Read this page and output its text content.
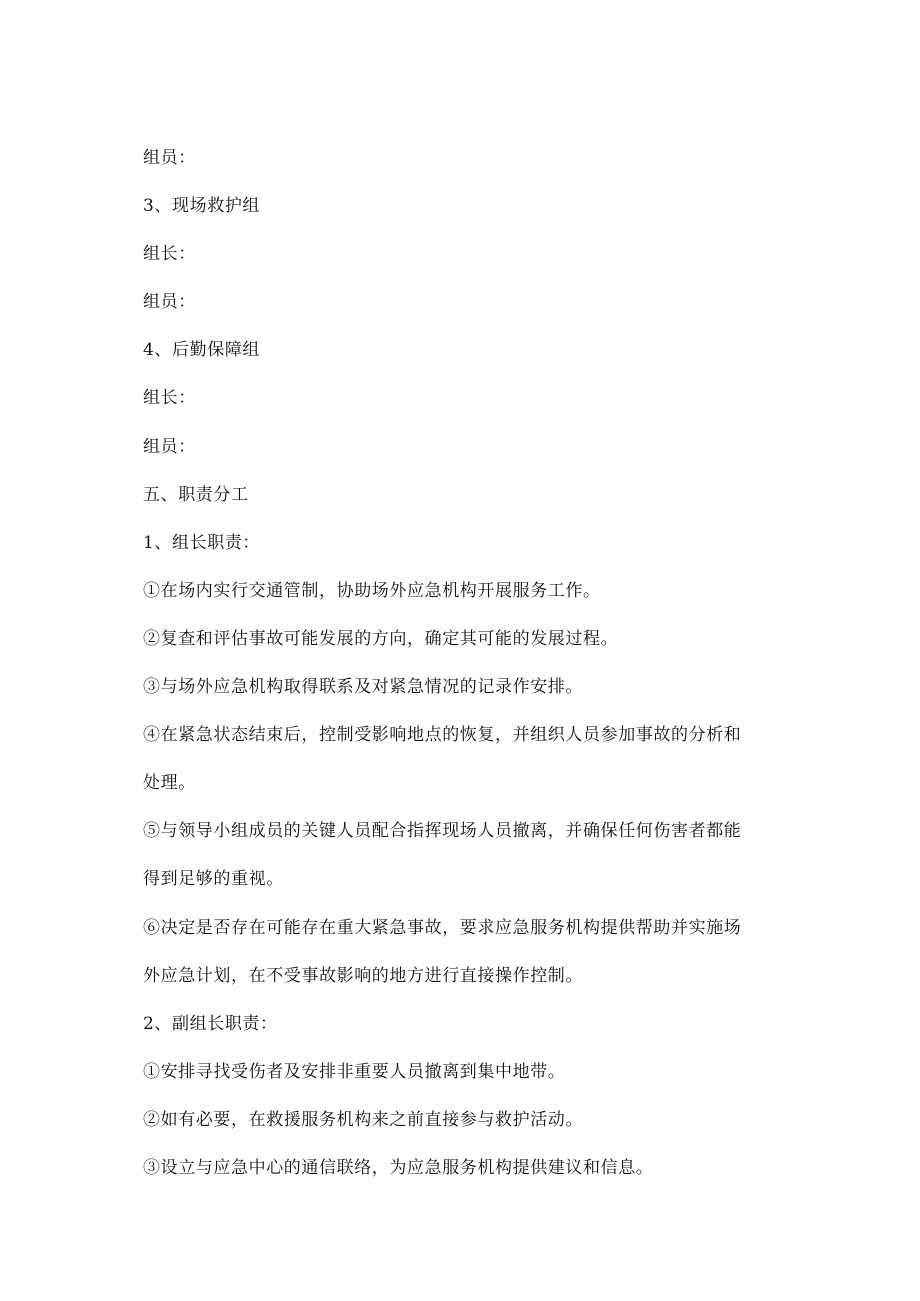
组员：

3、现场救护组

组长：

组员：

4、后勤保障组

组长：

组员：

五、职责分工

1、组长职责：

①在场内实行交通管制，协助场外应急机构开展服务工作。

②复查和评估事故可能发展的方向，确定其可能的发展过程。

③与场外应急机构取得联系及对紧急情况的记录作安排。

④在紧急状态结束后，控制受影响地点的恢复，并组织人员参加事故的分析和

处理。

⑤与领导小组成员的关键人员配合指挥现场人员撤离，并确保任何伤害者都能

得到足够的重视。

⑥决定是否存在可能存在重大紧急事故，要求应急服务机构提供帮助并实施场

外应急计划，在不受事故影响的地方进行直接操作控制。

2、副组长职责：

①安排寻找受伤者及安排非重要人员撤离到集中地带。

②如有必要，在救援服务机构来之前直接参与救护活动。

③设立与应急中心的通信联络，为应急服务机构提供建议和信息。
